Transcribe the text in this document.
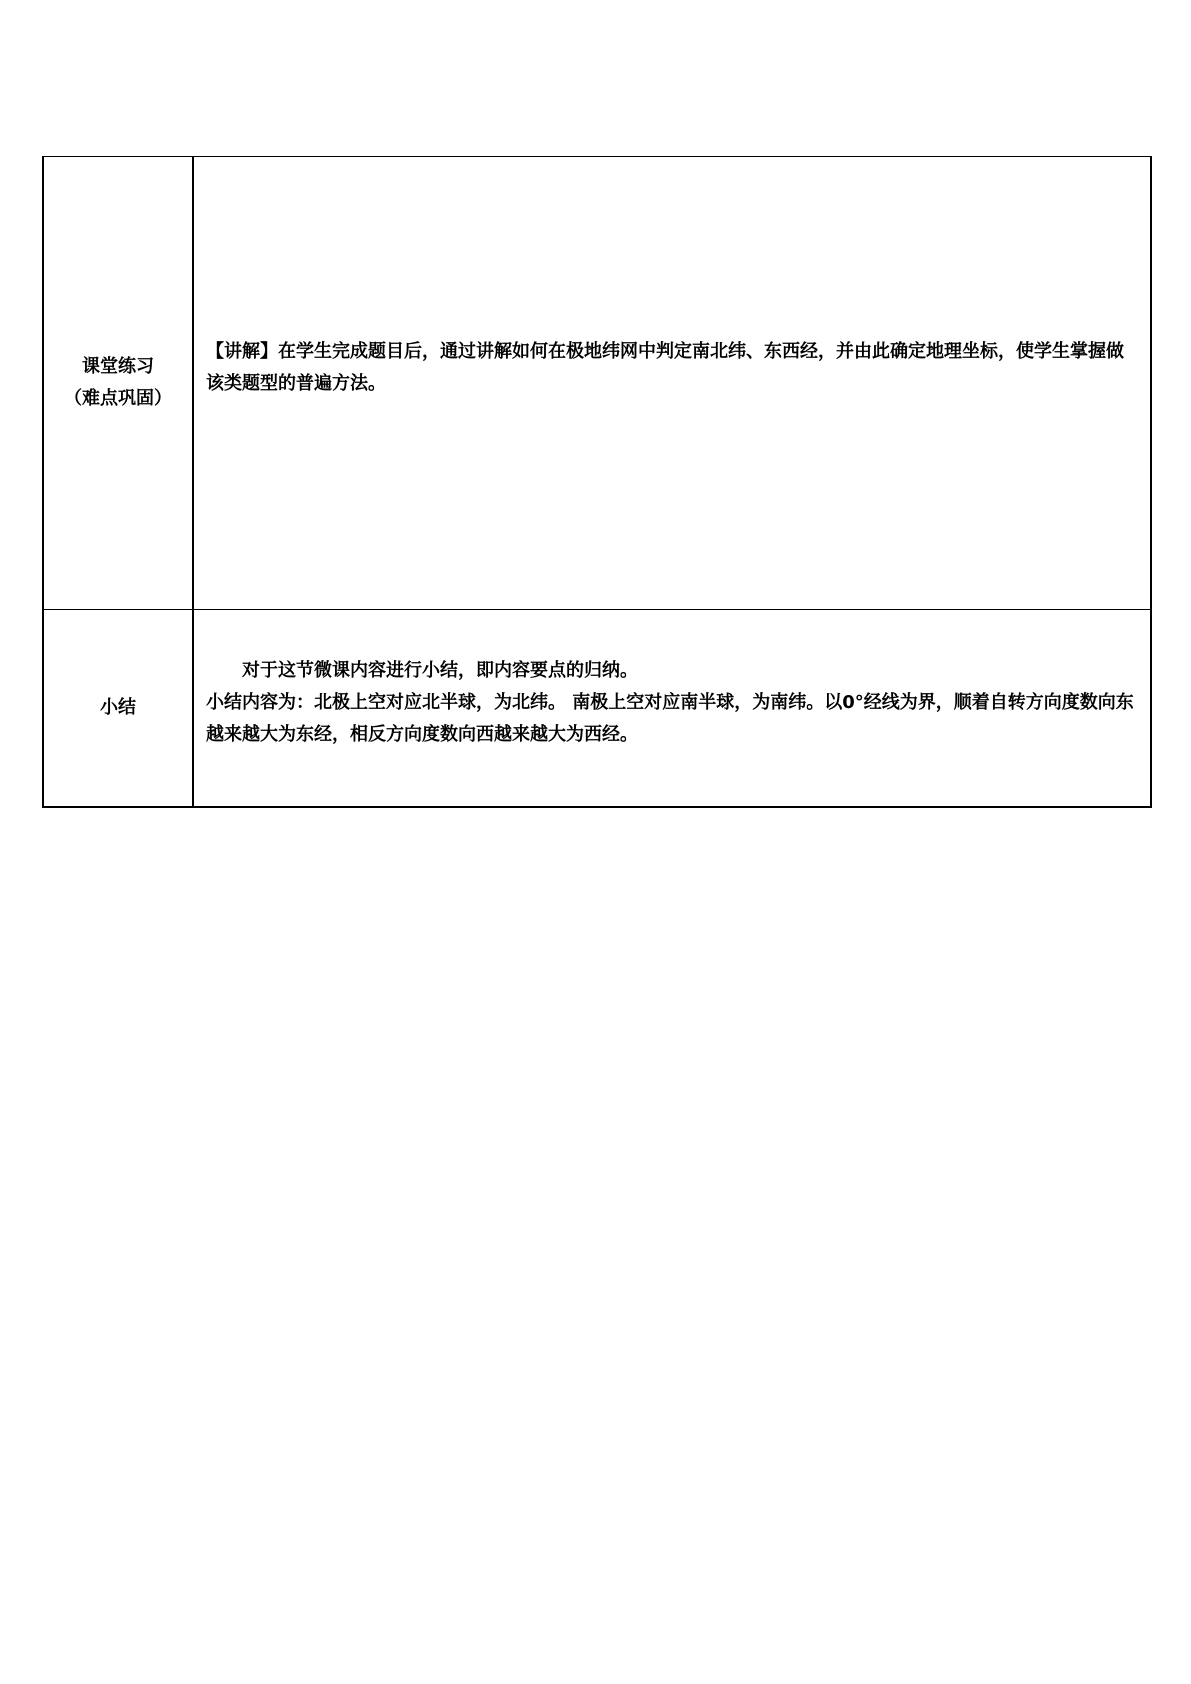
课堂练习
（难点巩固）	【讲解】在学生完成题目后，通过讲解如何在极地纬网中判定南北纬、东西经，并由此确定地理坐标，使学生掌握做该类题型的普遍方法。

小结	对于这节微课内容进行小结，即内容要点的归纳。

小结内容为：北极上空对应北半球，为北纬。 南极上空对应南半球，为南纬。以0°经线为界，顺着自转方向度数向东越来越大为东经，相反方向度数向西越来越大为西经。
